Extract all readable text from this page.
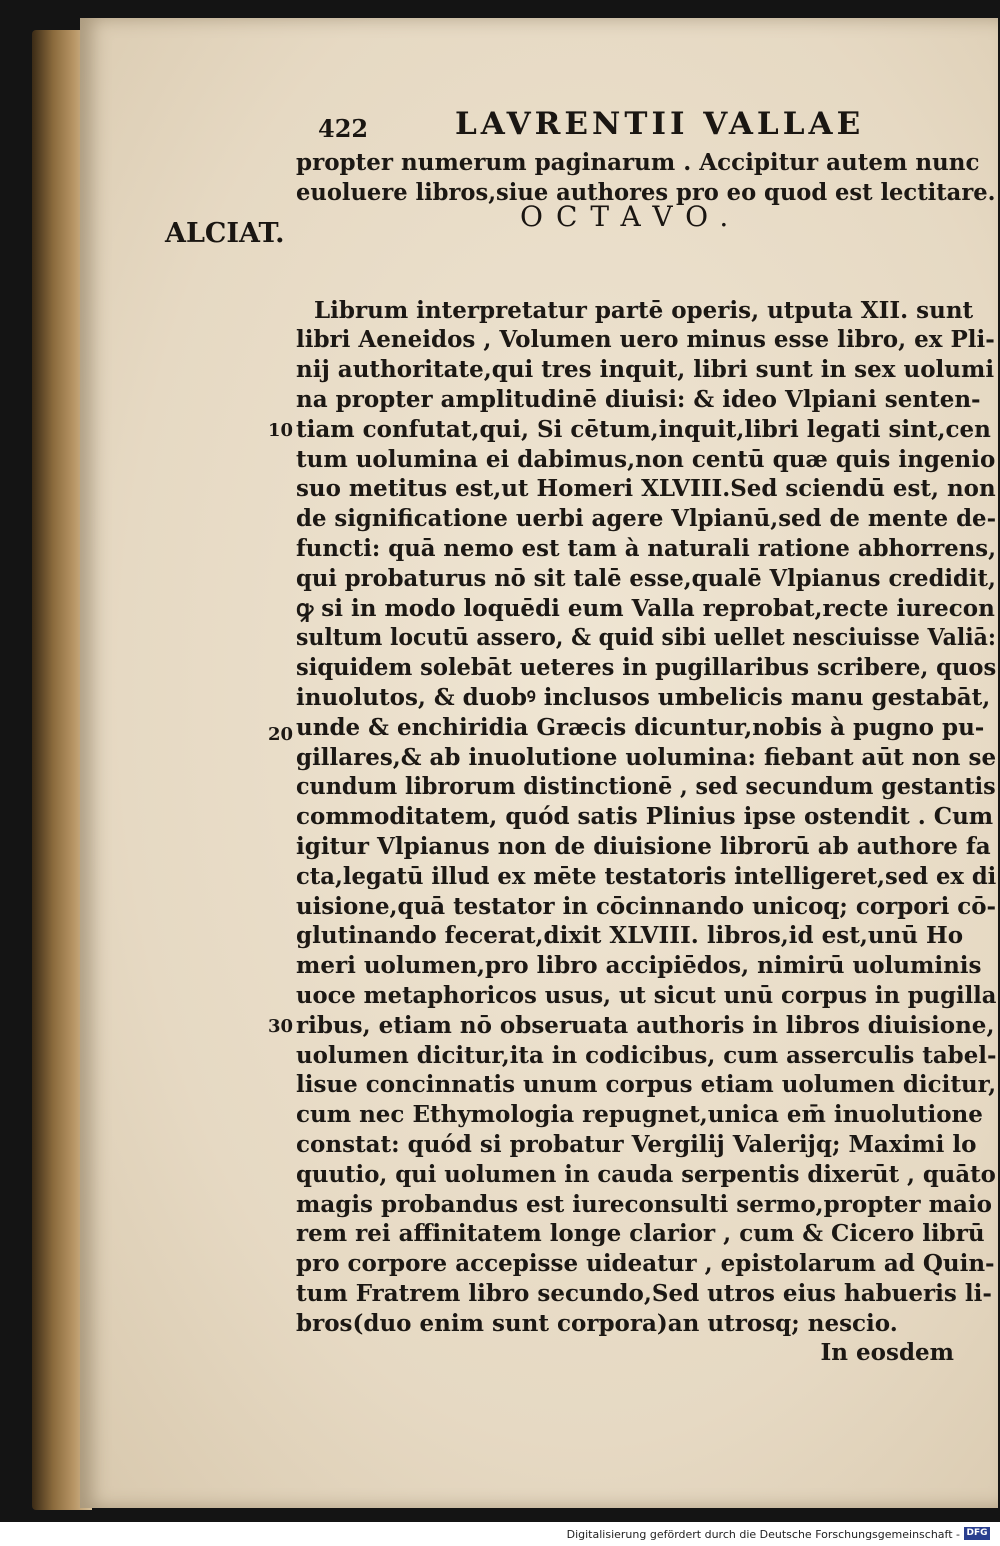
422	LAVRENTII VALLAE
ALCIAT.
OCTAVO.
10
20
30
propter numerum paginarum . Accipitur autem nunc
euoluere libros,siue authores pro eo quod est lectitare.
Librum interpretatur partē operis, utputa XII. sunt
libri Aeneidos , Volumen uero minus esse libro, ex Pli-
nij authoritate,qui tres inquit, libri sunt in sex uolumi
na propter amplitudinē diuisi: & ideo Vlpiani senten-
tiam confutat,qui, Si cētum,inquit,libri legati sint,cen
tum uolumina ei dabimus,non centū quæ quis ingenio
suo metitus est,ut Homeri XLVIII.Sed sciendū est, non
de significatione uerbi agere Vlpianū,sed de mente de-
functi: quā nemo est tam à naturali ratione abhorrens,
qui probaturus nō sit talē esse,qualē Vlpianus credidit,
ꝙ si in modo loquēdi eum Valla reprobat,recte iurecon
sultum locutū assero, & quid sibi uellet nesciuisse Valiā:
siquidem solebāt ueteres in pugillaribus scribere, quos
inuolutos, & duobꝰ inclusos umbelicis manu gestabāt,
unde & enchiridia Græcis dicuntur,nobis à pugno pu-
gillares,& ab inuolutione uolumina: fiebant aūt non se
cundum librorum distinctionē , sed secundum gestantis
commoditatem, quód satis Plinius ipse ostendit . Cum
igitur Vlpianus non de diuisione librorū ab authore fa
cta,legatū illud ex mēte testatoris intelligeret,sed ex di
uisione,quā testator in cōcinnando unicoq; corpori cō-
glutinando fecerat,dixit XLVIII. libros,id est,unū Ho
meri uolumen,pro libro accipiēdos, nimirū uoluminis
uoce metaphoricos usus, ut sicut unū corpus in pugilla
ribus, etiam nō obseruata authoris in libros diuisione,
uolumen dicitur,ita in codicibus, cum asserculis tabel-
lisue concinnatis unum corpus etiam uolumen dicitur,
cum nec Ethymologia repugnet,unica em̄ inuolutione
constat: quód si probatur Vergilij Valerijq; Maximi lo
quutio, qui uolumen in cauda serpentis dixerūt , quāto
magis probandus est iureconsulti sermo,propter maio
rem rei affinitatem longe clarior , cum & Cicero librū
pro corpore accepisse uideatur , epistolarum ad Quin-
tum Fratrem libro secundo,Sed utros eius habueris li-
bros(duo enim sunt corpora)an utrosq; nescio.
In eosdem
Digitalisierung gefördert durch die Deutsche Forschungsgemeinschaft - DFG
